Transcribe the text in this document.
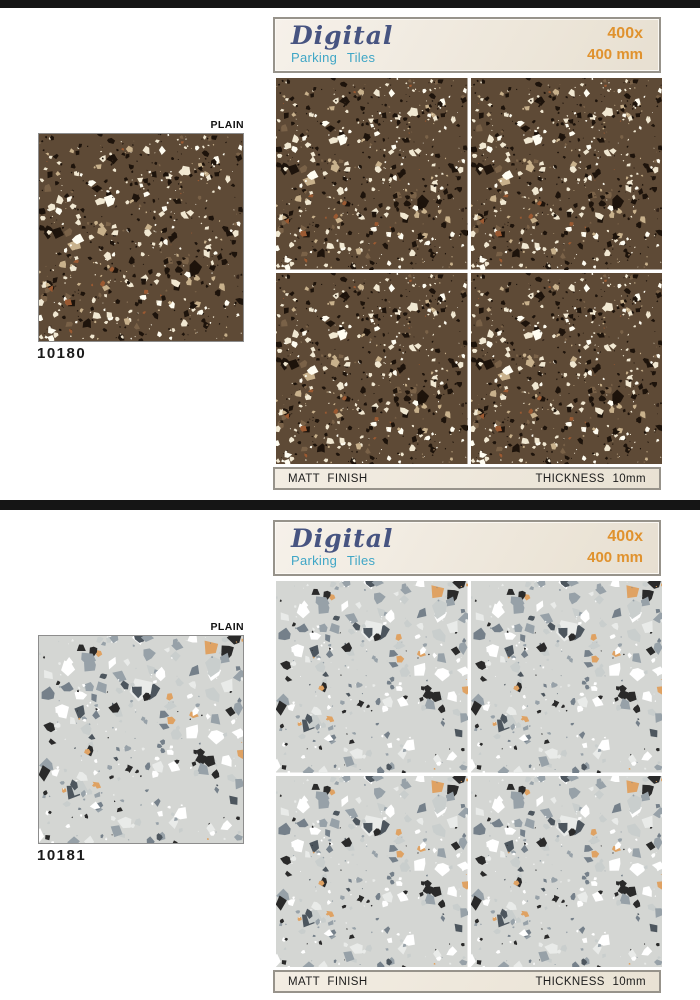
Digital
Parking Tiles
400x
400 mm
PLAIN
10180
MATT FINISH	THICKNESS 10mm
Digital
Parking Tiles
400x
400 mm
PLAIN
10181
MATT FINISH	THICKNESS 10mm
